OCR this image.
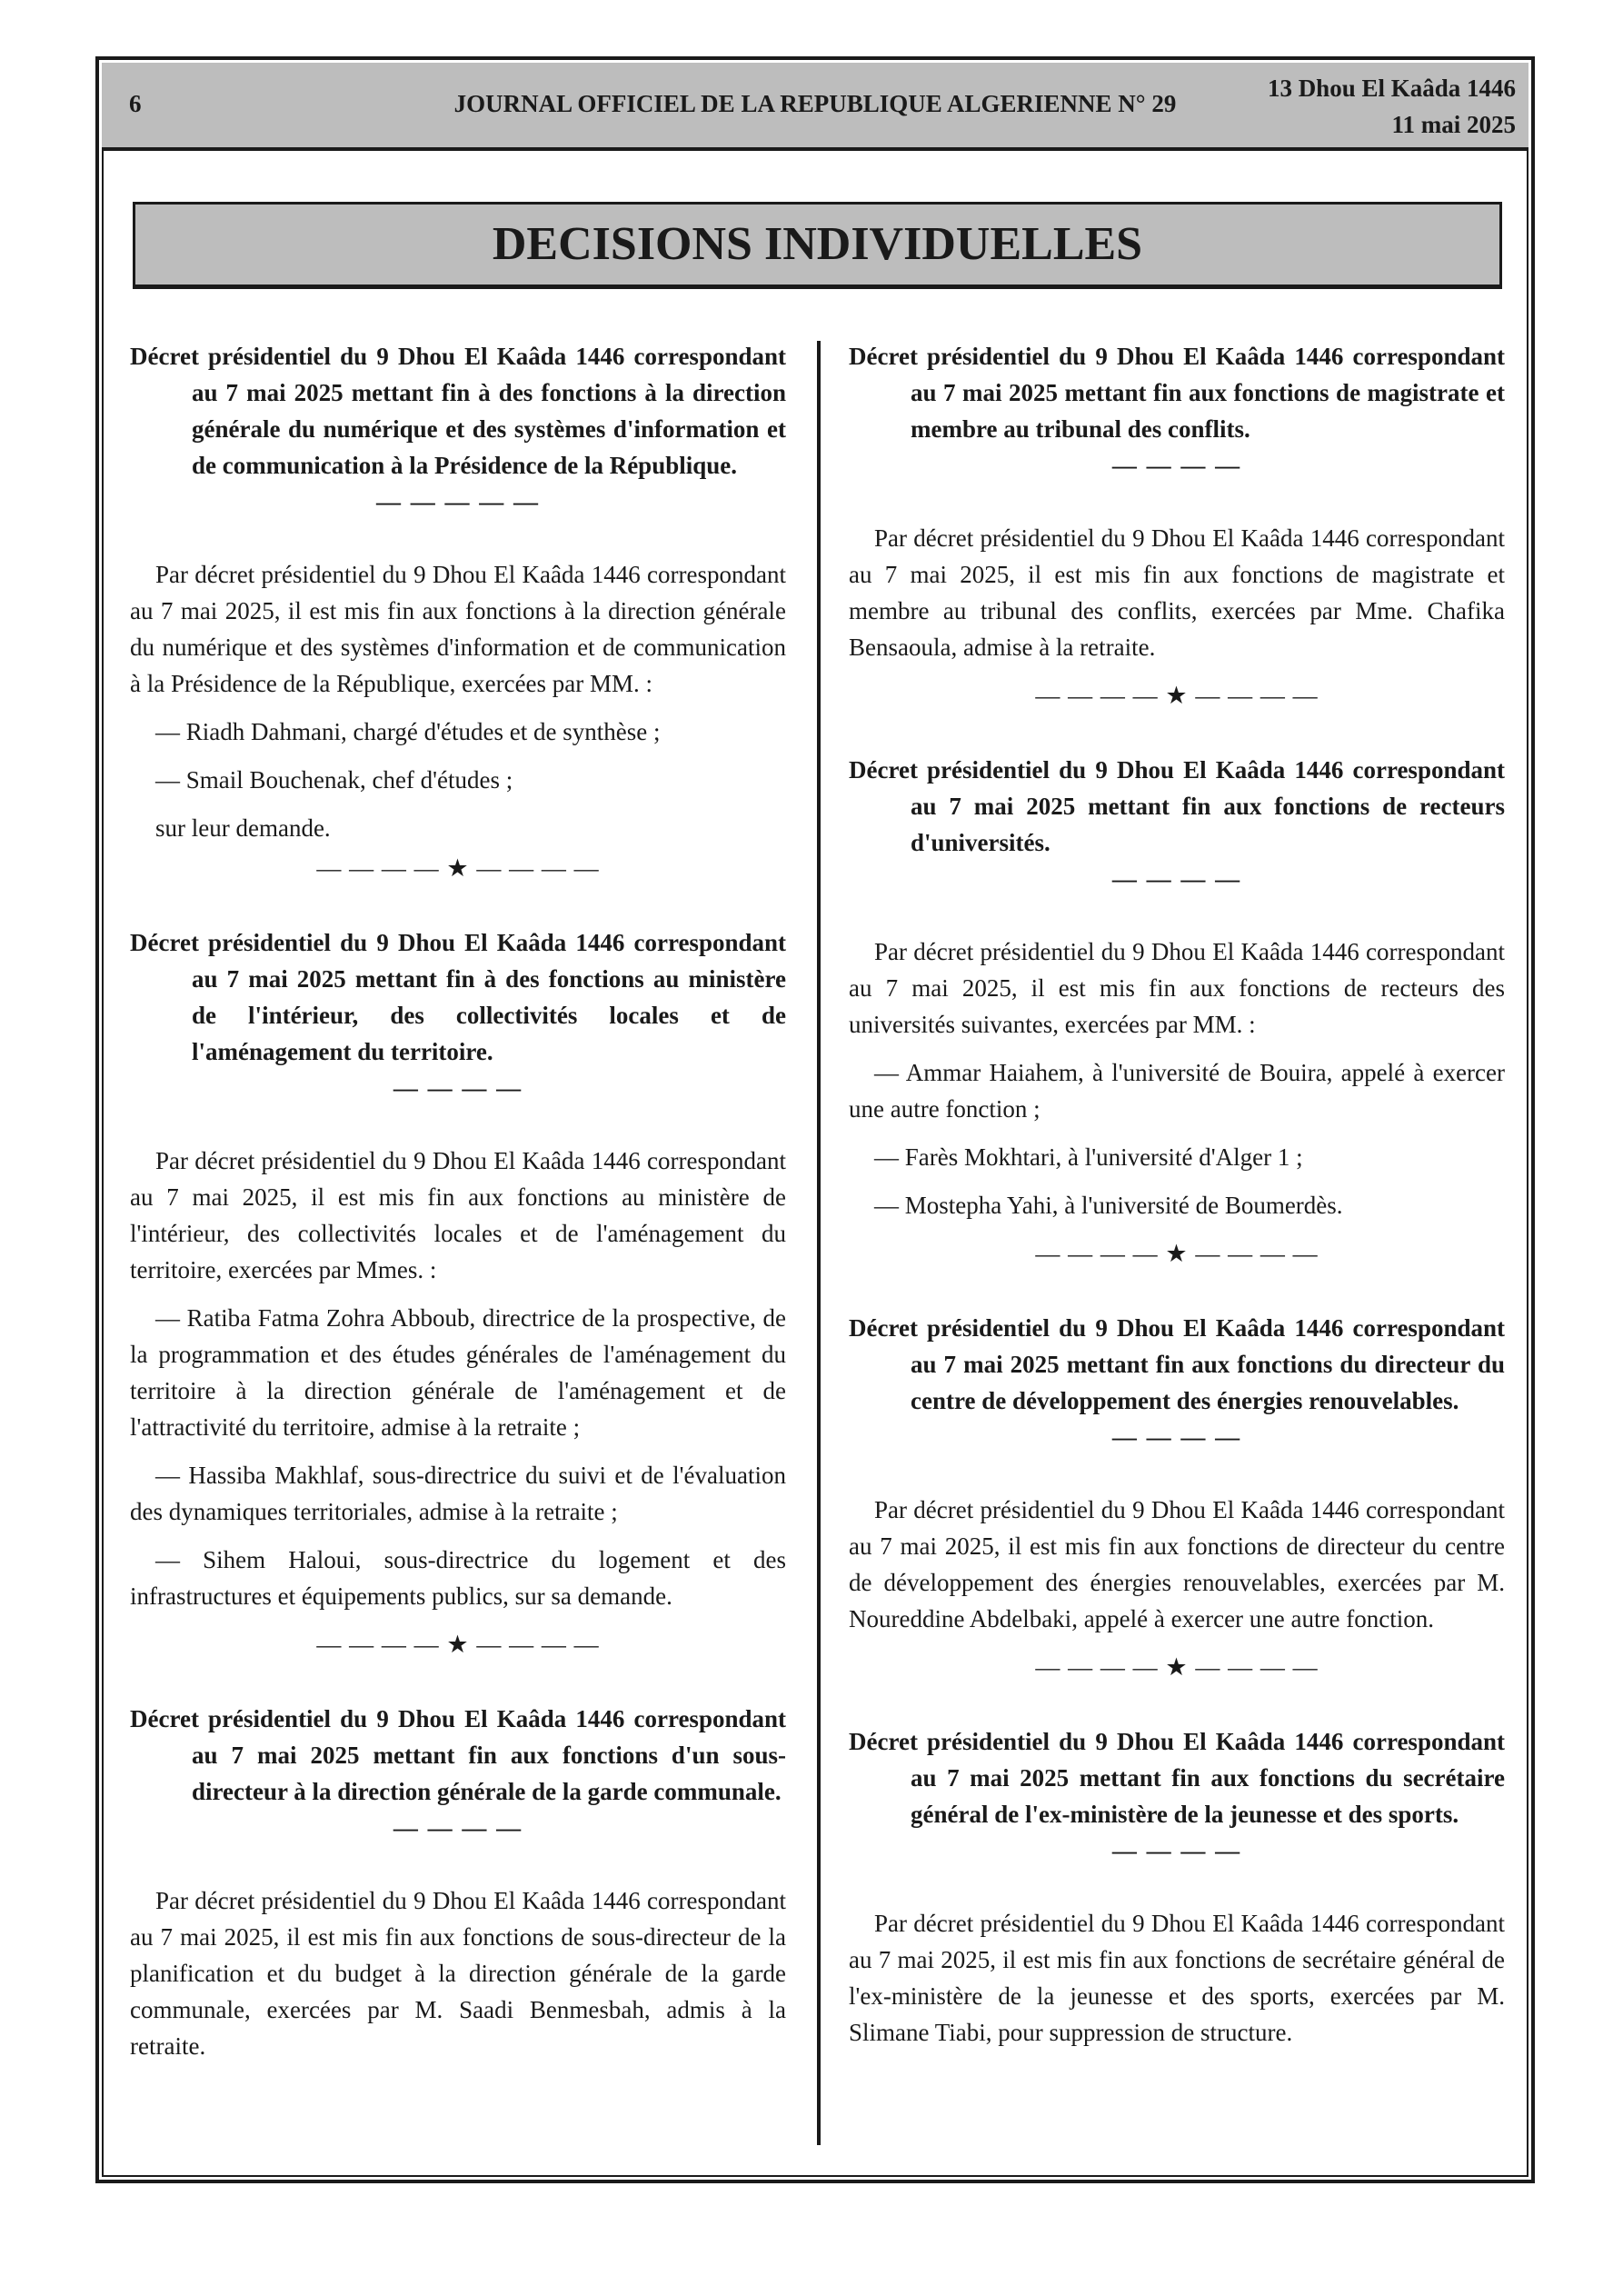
JOURNAL OFFICIEL DE LA REPUBLIQUE ALGERIENNE N° 29
6
13 Dhou El Kaâda 1446
11 mai 2025
DECISIONS INDIVIDUELLES

Décret présidentiel du 9 Dhou El Kaâda 1446 correspondant au 7 mai 2025 mettant fin à des fonctions à la direction générale du numérique et des systèmes d'information et de communication à la Présidence de la République.

— — — — —

Par décret présidentiel du 9 Dhou El Kaâda 1446 correspondant au 7 mai 2025, il est mis fin aux fonctions à la direction générale du numérique et des systèmes d'information et de communication à la Présidence de la République, exercées par MM. :

— Riadh Dahmani, chargé d'études et de synthèse ;

— Smail Bouchenak, chef d'études ;

sur leur demande.

— — — — ★ — — — —

Décret présidentiel du 9 Dhou El Kaâda 1446 correspondant au 7 mai 2025 mettant fin à des fonctions au ministère de l'intérieur, des collectivités locales et de l'aménagement du territoire.

— — — —

Par décret présidentiel du 9 Dhou El Kaâda 1446 correspondant au 7 mai 2025, il est mis fin aux fonctions au ministère de l'intérieur, des collectivités locales et de l'aménagement du territoire, exercées par Mmes. :

— Ratiba Fatma Zohra Abboub, directrice de la prospective, de la programmation et des études générales de l'aménagement du territoire à la direction générale de l'aménagement et de l'attractivité du territoire, admise à la retraite ;

— Hassiba Makhlaf, sous-directrice du suivi et de l'évaluation des dynamiques territoriales, admise à la retraite ;

— Sihem Haloui, sous-directrice du logement et des infrastructures et équipements publics, sur sa demande.

— — — — ★ — — — —

Décret présidentiel du 9 Dhou El Kaâda 1446 correspondant au 7 mai 2025 mettant fin aux fonctions d'un sous-directeur à la direction générale de la garde communale.

— — — —

Par décret présidentiel du 9 Dhou El Kaâda 1446 correspondant au 7 mai 2025, il est mis fin aux fonctions de sous-directeur de la planification et du budget à la direction générale de la garde communale, exercées par M. Saadi Benmesbah, admis à la retraite.

Décret présidentiel du 9 Dhou El Kaâda 1446 correspondant au 7 mai 2025 mettant fin aux fonctions de magistrate et membre au tribunal des conflits.

— — — —

Par décret présidentiel du 9 Dhou El Kaâda 1446 correspondant au 7 mai 2025, il est mis fin aux fonctions de magistrate et membre au tribunal des conflits, exercées par Mme. Chafika Bensaoula, admise à la retraite.

— — — — ★ — — — —

Décret présidentiel du 9 Dhou El Kaâda 1446 correspondant au 7 mai 2025 mettant fin aux fonctions de recteurs d'universités.

— — — —

Par décret présidentiel du 9 Dhou El Kaâda 1446 correspondant au 7 mai 2025, il est mis fin aux fonctions de recteurs des universités suivantes, exercées par MM. :

— Ammar Haiahem, à l'université de Bouira, appelé à exercer une autre fonction ;

— Farès Mokhtari, à l'université d'Alger 1 ;

— Mostepha Yahi, à l'université de Boumerdès.

— — — — ★ — — — —

Décret présidentiel du 9 Dhou El Kaâda 1446 correspondant au 7 mai 2025 mettant fin aux fonctions du directeur du centre de développement des énergies renouvelables.

— — — —

Par décret présidentiel du 9 Dhou El Kaâda 1446 correspondant au 7 mai 2025, il est mis fin aux fonctions de directeur du centre de développement des énergies renouvelables, exercées par M. Noureddine Abdelbaki, appelé à exercer une autre fonction.

— — — — ★ — — — —

Décret présidentiel du 9 Dhou El Kaâda 1446 correspondant au 7 mai 2025 mettant fin aux fonctions du secrétaire général de l'ex-ministère de la jeunesse et des sports.

— — — —

Par décret présidentiel du 9 Dhou El Kaâda 1446 correspondant au 7 mai 2025, il est mis fin aux fonctions de secrétaire général de l'ex-ministère de la jeunesse et des sports, exercées par M. Slimane Tiabi, pour suppression de structure.
